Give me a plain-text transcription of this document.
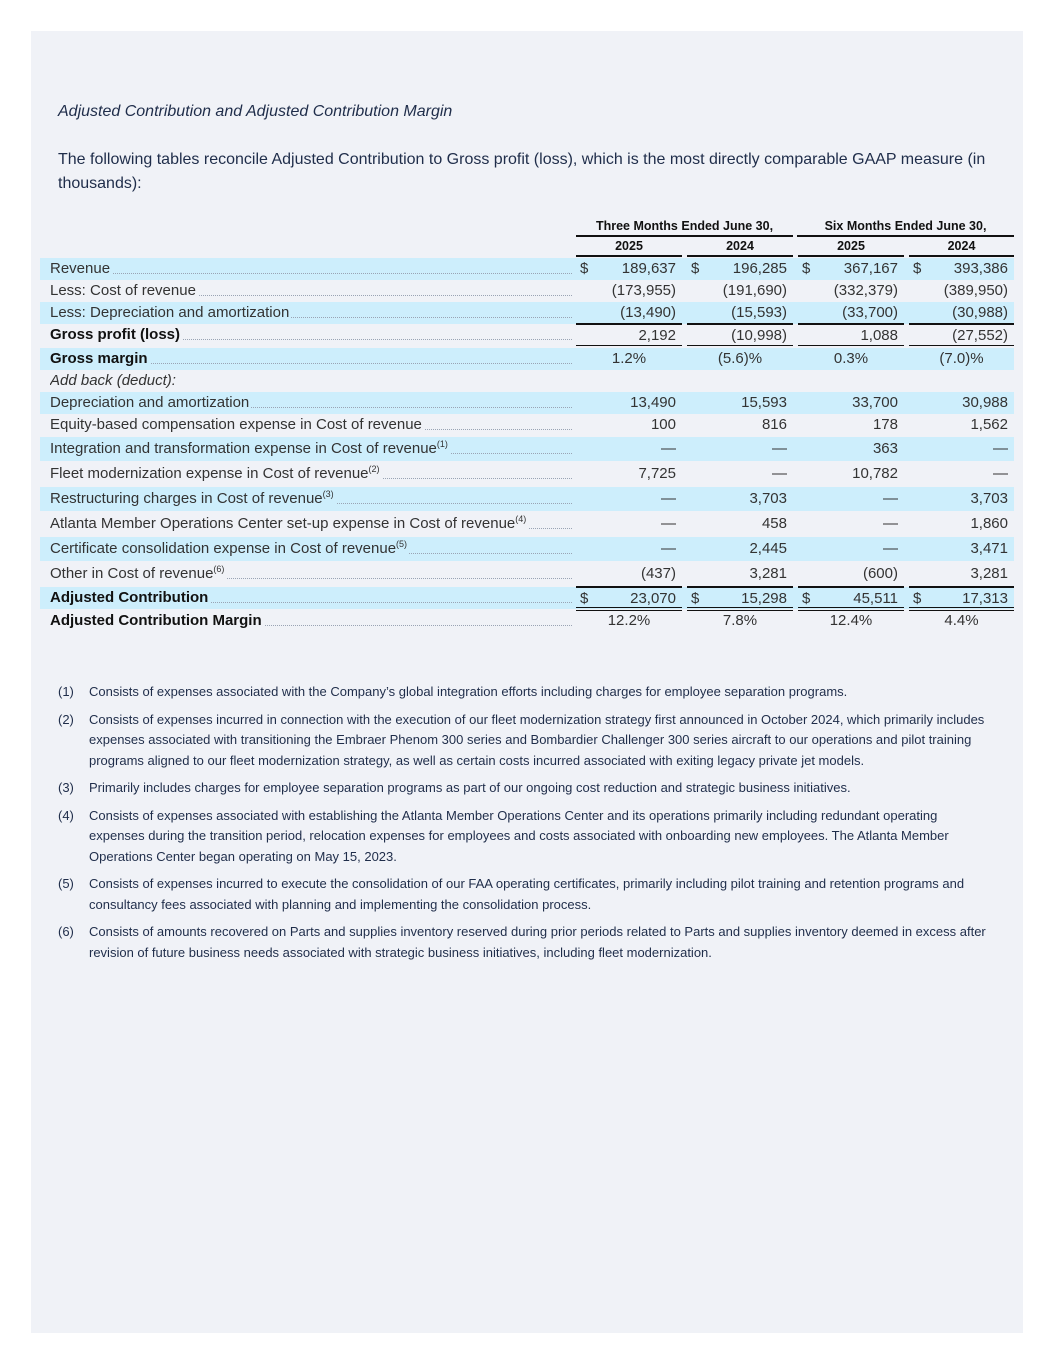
Adjusted Contribution and Adjusted Contribution Margin
The following tables reconcile Adjusted Contribution to Gross profit (loss), which is the most directly comparable GAAP measure (in thousands):
Three Months Ended June 30,	Six Months Ended June 30,
2025	2024	2025	2024
Revenue	$ 189,637 $ 196,285 $ 367,167 $ 393,386
Less: Cost of revenue	(173,955)	(191,690)	(332,379)	(389,950)
Less: Depreciation and amortization	(13,490)	(15,593)	(33,700)	(30,988)
Gross profit (loss)	2,192	(10,998)	1,088	(27,552)
Gross margin	1.2%	(5.6)%	0.3%	(7.0)%
Add back (deduct):
Depreciation and amortization	13,490	15,593	33,700	30,988
Equity-based compensation expense in Cost of revenue	100	816	178	1,562
Integration and transformation expense in Cost of revenue$^{(1)}$	—	—	363	—
Fleet modernization expense in Cost of revenue$^{(2)}$	7,725	—	10,782	—
Restructuring charges in Cost of revenue$^{(3)}$	—	3,703	—	3,703
Atlanta Member Operations Center set-up expense in Cost of revenue$^{(4)}$	—	458	—	1,860
Certificate consolidation expense in Cost of revenue$^{(5)}$	—	2,445	—	3,471
Other in Cost of revenue$^{(6)}$	(437)	3,281	(600)	3,281
Adjusted Contribution	$	23,070 $	15,298 $	45,511 $	17,313
Adjusted Contribution Margin	12.2%	7.8%	12.4%	4.4%
(1)	Consists of expenses associated with the Company’s global integration efforts including charges for employee separation programs.
(2)	Consists of expenses incurred in connection with the execution of our fleet modernization strategy first announced in October 2024, which primarily includes expenses associated with transitioning the Embraer Phenom 300 series and Bombardier Challenger 300 series aircraft to our operations and pilot training programs aligned to our fleet modernization strategy, as well as certain costs incurred associated with exiting legacy private jet models.
(3)	Primarily includes charges for employee separation programs as part of our ongoing cost reduction and strategic business initiatives.
(4)	Consists of expenses associated with establishing the Atlanta Member Operations Center and its operations primarily including redundant operating expenses during the transition period, relocation expenses for employees and costs associated with onboarding new employees. The Atlanta Member Operations Center began operating on May 15, 2023.
(5)	Consists of expenses incurred to execute the consolidation of our FAA operating certificates, primarily including pilot training and retention programs and consultancy fees associated with planning and implementing the consolidation process.
(6)	Consists of amounts recovered on Parts and supplies inventory reserved during prior periods related to Parts and supplies inventory deemed in excess after revision of future business needs associated with strategic business initiatives, including fleet modernization.
